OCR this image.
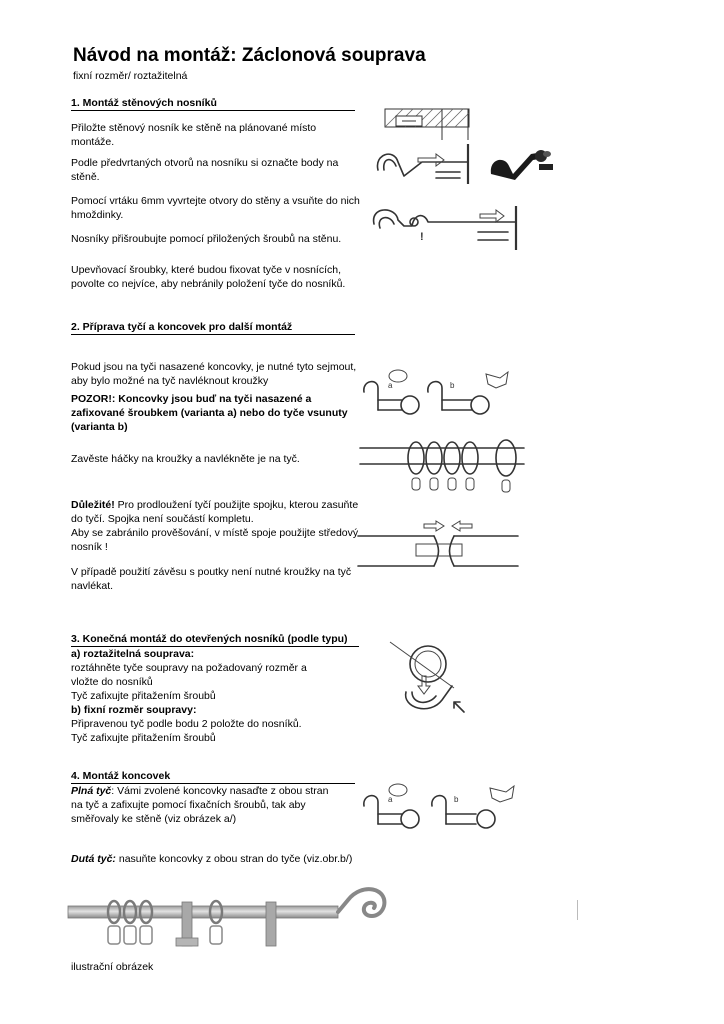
Návod na montáž: Záclonová souprava
fixní rozměr/ roztažitelná
1. Montáž stěnových nosníků
Přiložte stěnový nosník ke stěně na plánované místo montáže.
Podle předvrtaných otvorů na nosníku si označte body na stěně.
Pomocí vrtáku 6mm vyvrtejte otvory do stěny a vsuňte do nich hmoždinky.
Nosníky přišroubujte pomocí přiložených šroubů na stěnu.
Upevňovací šroubky, které budou fixovat tyče v nosnících, povolte co nejvíce, aby nebránily položení tyče do nosníků.
!
2. Příprava tyčí a koncovek pro další montáž
Pokud jsou na tyči nasazené koncovky, je nutné tyto sejmout, aby bylo možné na tyč navléknout kroužky
POZOR!: Koncovky jsou buď na tyči nasazené a zafixované šroubkem (varianta a) nebo do tyče vsunuty (varianta b)
Zavěste háčky na kroužky a navlékněte je na tyč.
Důležité! Pro prodloužení tyčí použijte spojku, kterou zasuňte do tyčí. Spojka není součástí kompletu.
Aby se zabránilo prověšování, v místě spoje použijte středový nosník !
V případě použití závěsu s poutky není nutné kroužky na tyč navlékat.
a	b
3. Konečná montáž do otevřených nosníků (podle typu)
a) roztažitelná souprava:
roztáhněte tyče soupravy na požadovaný rozměr a vložte do nosníků
Tyč zafixujte přitažením šroubů
b) fixní rozměr soupravy:
Připravenou tyč podle bodu 2 položte do nosníků.
Tyč zafixujte přitažením šroubů
4. Montáž koncovek
Plná tyč: Vámi zvolené koncovky nasaďte z obou stran na tyč a zafixujte pomocí fixačních šroubů, tak aby směřovaly ke stěně (viz obrázek a/)
Dutá tyč: nasuňte koncovky z obou stran do tyče (viz.obr.b/)
a	b
ilustrační obrázek
